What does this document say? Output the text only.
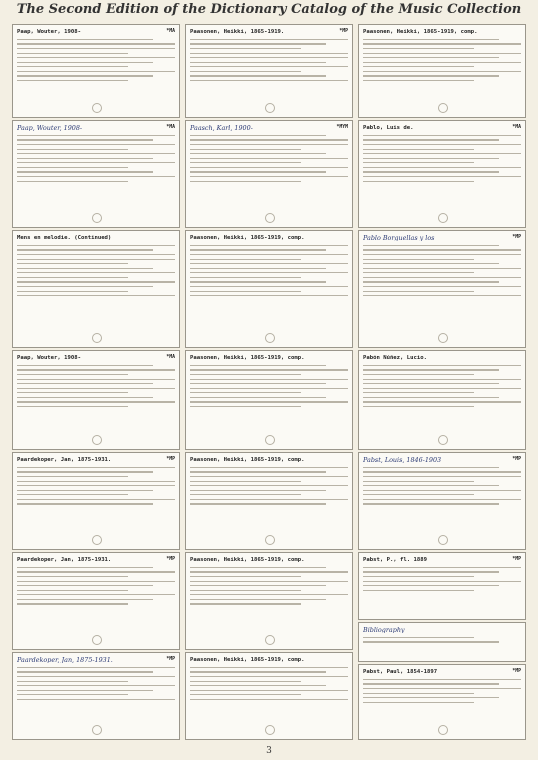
The Second Edition of the Dictionary Catalog of the Music Collection
Paap, Wouter, 1908-	*MA
Paap, Wouter, 1908-	*MA
Mens en melodie. (Continued)
Paap, Wouter, 1908-	*MA
Paardekoper, Jan, 1875-1931.	*MP
Paardekoper, Jan, 1875-1931.	*MP
Paardekoper, Jan, 1875-1931.	*MP
Paasonen, Heikki, 1865-1919.	*MP
Paasch, Karl, 1900-	*MYM
Paasonen, Heikki, 1865-1919, comp.
Paasonen, Heikki, 1865-1919, comp.
Paasonen, Heikki, 1865-1919, comp.
Paasonen, Heikki, 1865-1919, comp.
Paasonen, Heikki, 1865-1919, comp.
Paasonen, Heikki, 1865-1919, comp.
Pablo, Luis de.	*MA
Pablo Borguellas y los	*MP
Pabón Núñez, Lucio.
Pabst, Louis, 1846-1903	*MP
Pabst, P., fl. 1889	*MP
Bibliography
Pabst, Paul, 1854-1897	*MP
3
